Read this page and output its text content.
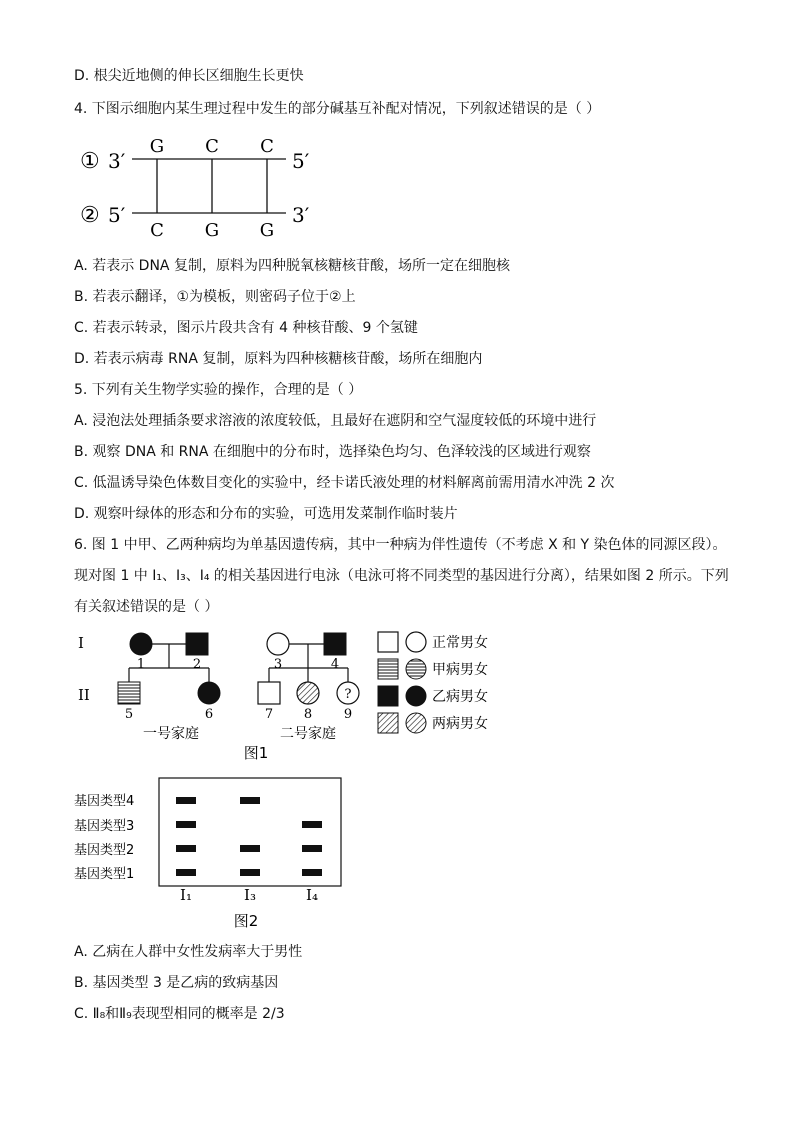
D. 根尖近地侧的伸长区细胞生长更快
4. 下图示细胞内某生理过程中发生的部分碱基互补配对情况，下列叙述错误的是（ ）
① 3′	5′
② 5′	3′
G C C
C G G
A. 若表示 DNA 复制，原料为四种脱氧核糖核苷酸，场所一定在细胞核
B. 若表示翻译，①为模板，则密码子位于②上
C. 若表示转录，图示片段共含有 4 种核苷酸、9 个氢键
D. 若表示病毒 RNA 复制，原料为四种核糖核苷酸，场所在细胞内
5. 下列有关生物学实验的操作，合理的是（ ）
A. 浸泡法处理插条要求溶液的浓度较低，且最好在遮阴和空气湿度较低的环境中进行
B. 观察 DNA 和 RNA 在细胞中的分布时，选择染色均匀、色泽较浅的区域进行观察
C. 低温诱导染色体数目变化的实验中，经卡诺氏液处理的材料解离前需用清水冲洗 2 次
D. 观察叶绿体的形态和分布的实验，可选用发菜制作临时装片
6. 图 1 中甲、乙两种病均为单基因遗传病，其中一种病为伴性遗传（不考虑 X 和 Y 染色体的同源区段）。
现对图 1 中 I₁、I₃、I₄ 的相关基因进行电泳（电泳可将不同类型的基因进行分离），结果如图 2 所示。下列
有关叙述错误的是（ ）
I
II
1	2
5	6
一号家庭
?
3	4
7 8 9
二号家庭
图1
正常男女
甲病男女
乙病男女
两病男女
基因类型4
基因类型3
基因类型2
基因类型1
I₁	I₃	I₄
图2
A. 乙病在人群中女性发病率大于男性
B. 基因类型 3 是乙病的致病基因
C. Ⅱ₈和Ⅱ₉表现型相同的概率是 2/3
